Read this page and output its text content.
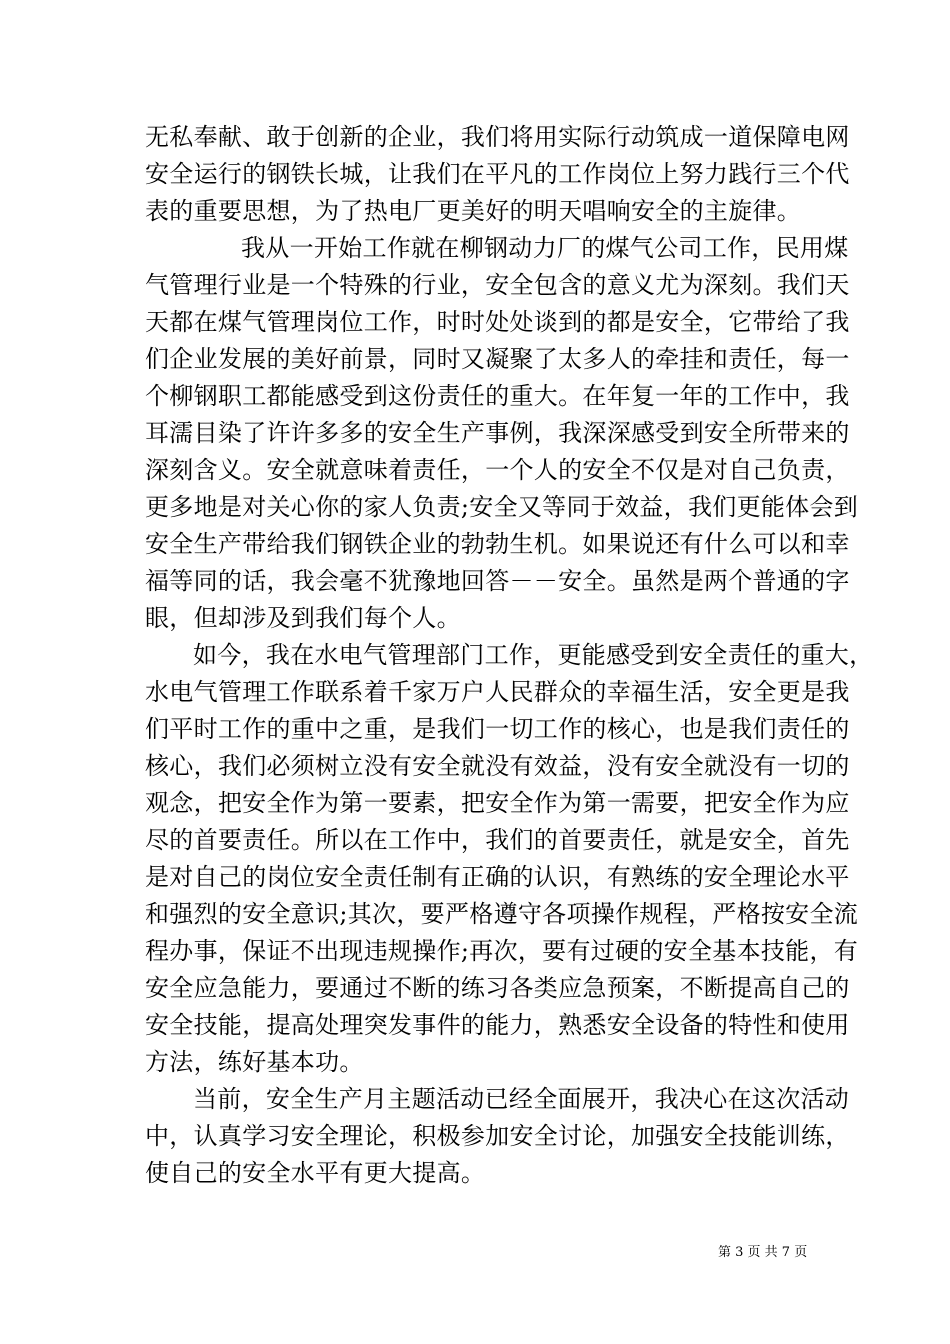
无私奉献、敢于创新的企业，我们将用实际行动筑成一道保障电网
安全运行的钢铁长城，让我们在平凡的工作岗位上努力践行三个代
表的重要思想，为了热电厂更美好的明天唱响安全的主旋律。
我从一开始工作就在柳钢动力厂的煤气公司工作，民用煤
气管理行业是一个特殊的行业，安全包含的意义尤为深刻。我们天
天都在煤气管理岗位工作，时时处处谈到的都是安全，它带给了我
们企业发展的美好前景，同时又凝聚了太多人的牵挂和责任，每一
个柳钢职工都能感受到这份责任的重大。在年复一年的工作中，我
耳濡目染了许许多多的安全生产事例，我深深感受到安全所带来的
深刻含义。安全就意味着责任，一个人的安全不仅是对自己负责，
更多地是对关心你的家人负责;安全又等同于效益，我们更能体会到
安全生产带给我们钢铁企业的勃勃生机。如果说还有什么可以和幸
福等同的话，我会毫不犹豫地回答－－安全。虽然是两个普通的字
眼，但却涉及到我们每个人。
如今，我在水电气管理部门工作，更能感受到安全责任的重大，
水电气管理工作联系着千家万户人民群众的幸福生活，安全更是我
们平时工作的重中之重，是我们一切工作的核心，也是我们责任的
核心，我们必须树立没有安全就没有效益，没有安全就没有一切的
观念，把安全作为第一要素，把安全作为第一需要，把安全作为应
尽的首要责任。所以在工作中，我们的首要责任，就是安全，首先
是对自己的岗位安全责任制有正确的认识，有熟练的安全理论水平
和强烈的安全意识;其次，要严格遵守各项操作规程，严格按安全流
程办事，保证不出现违规操作;再次，要有过硬的安全基本技能，有
安全应急能力，要通过不断的练习各类应急预案，不断提高自己的
安全技能，提高处理突发事件的能力，熟悉安全设备的特性和使用
方法，练好基本功。
当前，安全生产月主题活动已经全面展开，我决心在这次活动
中，认真学习安全理论，积极参加安全讨论，加强安全技能训练，
使自己的安全水平有更大提高。
第 3 页 共 7 页
